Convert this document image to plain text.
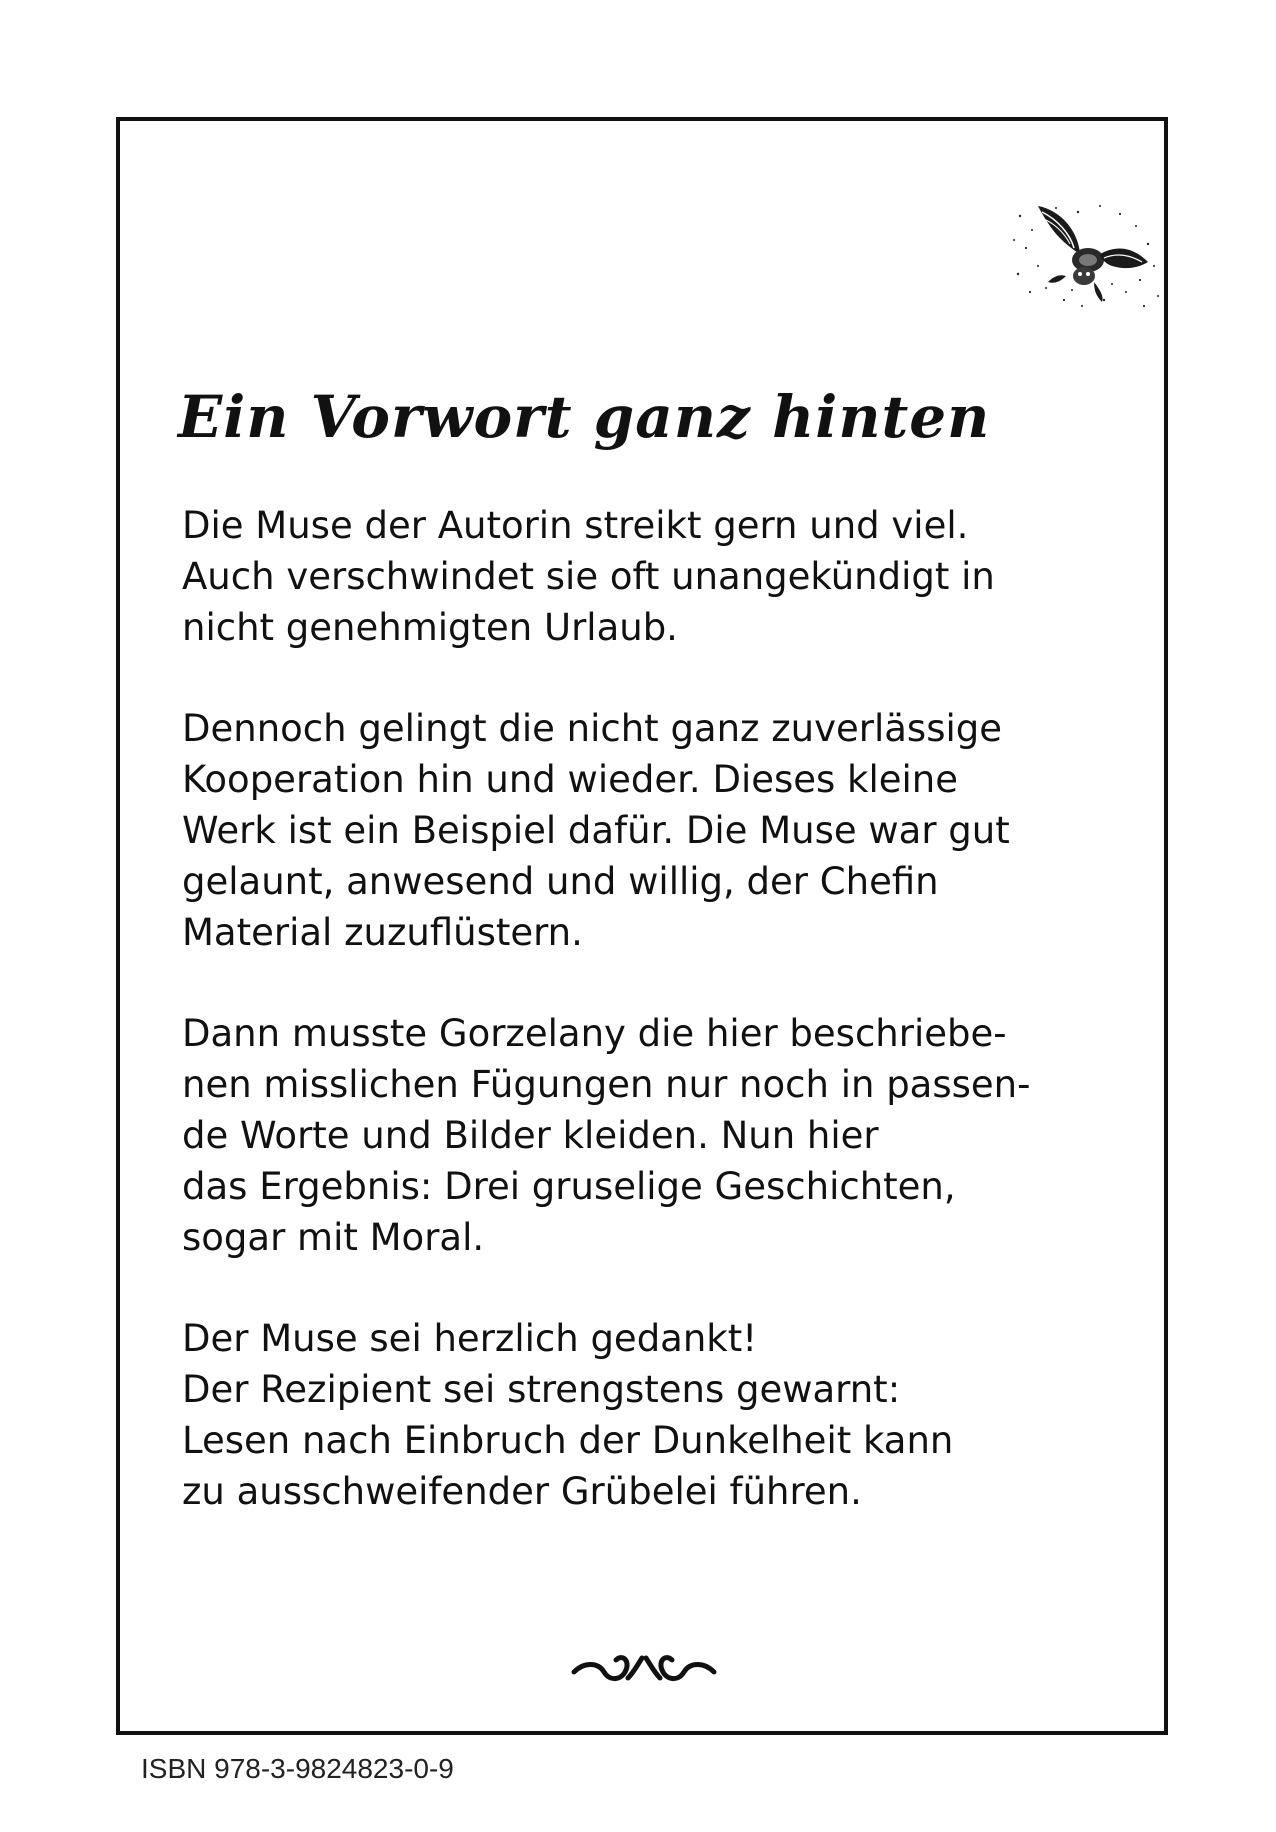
Ein Vorwort ganz hinten

Die Muse der Autorin streikt gern und viel.
Auch verschwindet sie oft unangekündigt in
nicht genehmigten Urlaub.

Dennoch gelingt die nicht ganz zuverlässige
Kooperation hin und wieder. Dieses kleine
Werk ist ein Beispiel dafür. Die Muse war gut
gelaunt, anwesend und willig, der Chefin
Material zuzuflüstern.

Dann musste Gorzelany die hier beschriebe-
nen misslichen Fügungen nur noch in passen-
de Worte und Bilder kleiden. Nun hier
das Ergebnis: Drei gruselige Geschichten,
sogar mit Moral.

Der Muse sei herzlich gedankt!
Der Rezipient sei strengstens gewarnt:
Lesen nach Einbruch der Dunkelheit kann
zu ausschweifender Grübelei führen.

ISBN 978-3-9824823-0-9
